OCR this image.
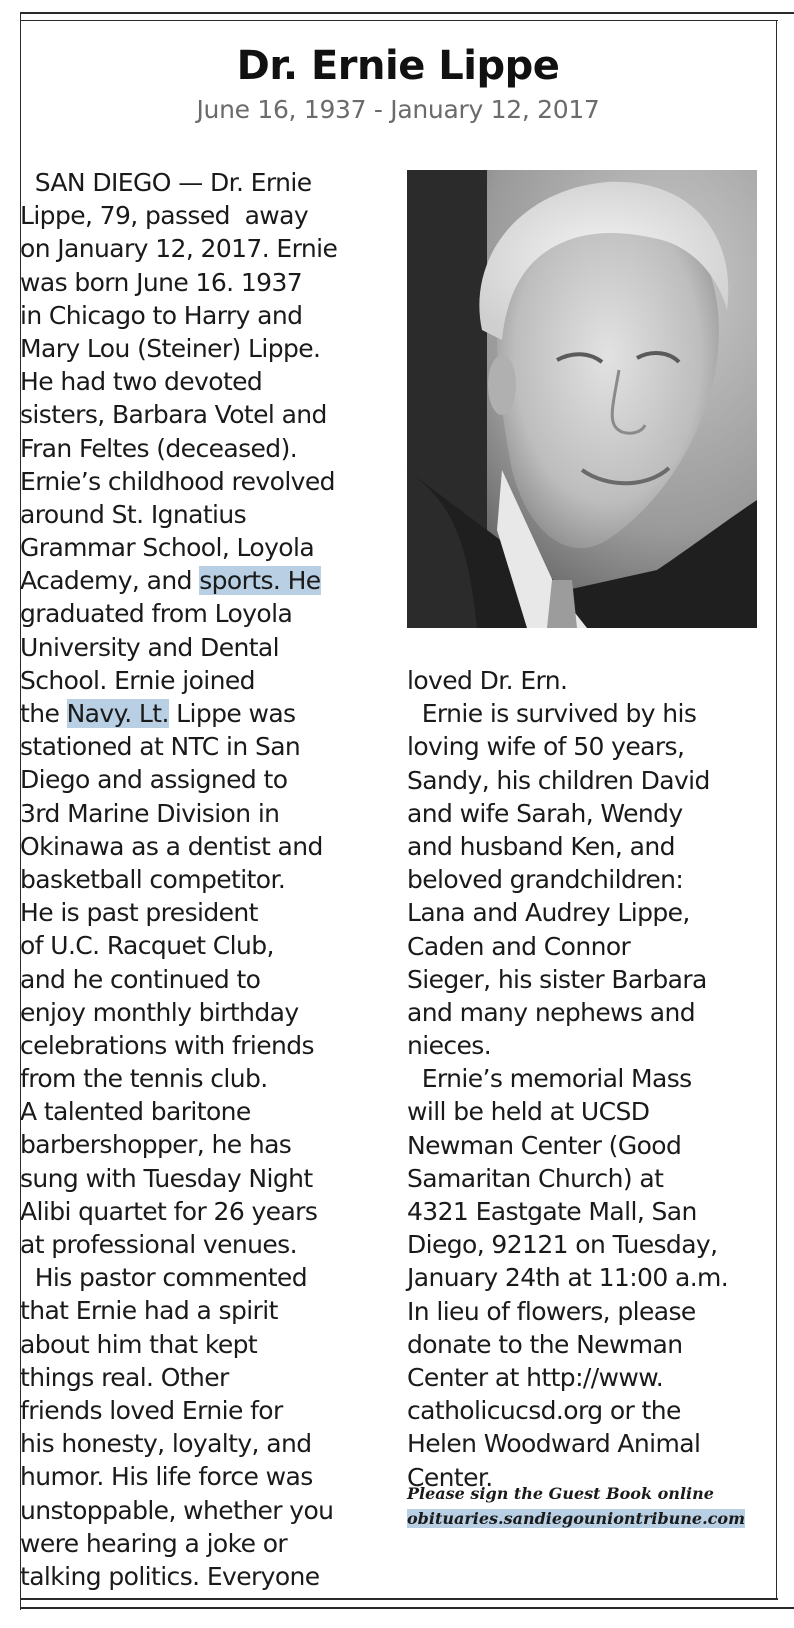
Dr. Ernie Lippe
June 16, 1937 - January 12, 2017
SAN DIEGO — Dr. Ernie
Lippe, 79, passed  away
on January 12, 2017. Ernie
was born June 16. 1937
in Chicago to Harry and
Mary Lou (Steiner) Lippe.
He had two devoted
sisters, Barbara Votel and
Fran Feltes (deceased).
Ernie’s childhood revolved
around St. Ignatius
Grammar School, Loyola
Academy, and sports. He
graduated from Loyola
University and Dental
School. Ernie joined
the Navy. Lt. Lippe was
stationed at NTC in San
Diego and assigned to
3rd Marine Division in
Okinawa as a dentist and
basketball competitor.
He is past president
of U.C. Racquet Club,
and he continued to
enjoy monthly birthday
celebrations with friends
from the tennis club.
A talented baritone
barbershopper, he has
sung with Tuesday Night
Alibi quartet for 26 years
at professional venues.
His pastor commented
that Ernie had a spirit
about him that kept
things real. Other
friends loved Ernie for
his honesty, loyalty, and
humor. His life force was
unstoppable, whether you
were hearing a joke or
talking politics. Everyone
loved Dr. Ern.
Ernie is survived by his
loving wife of 50 years,
Sandy, his children David
and wife Sarah, Wendy
and husband Ken, and
beloved grandchildren:
Lana and Audrey Lippe,
Caden and Connor
Sieger, his sister Barbara
and many nephews and
nieces.
Ernie’s memorial Mass
will be held at UCSD
Newman Center (Good
Samaritan Church) at
4321 Eastgate Mall, San
Diego, 92121 on Tuesday,
January 24th at 11:00 a.m.
In lieu of flowers, please
donate to the Newman
Center at http://www.
catholicucsd.org or the
Helen Woodward Animal
Center.
Please sign the Guest Book online
obituaries.sandiegouniontribune.com
